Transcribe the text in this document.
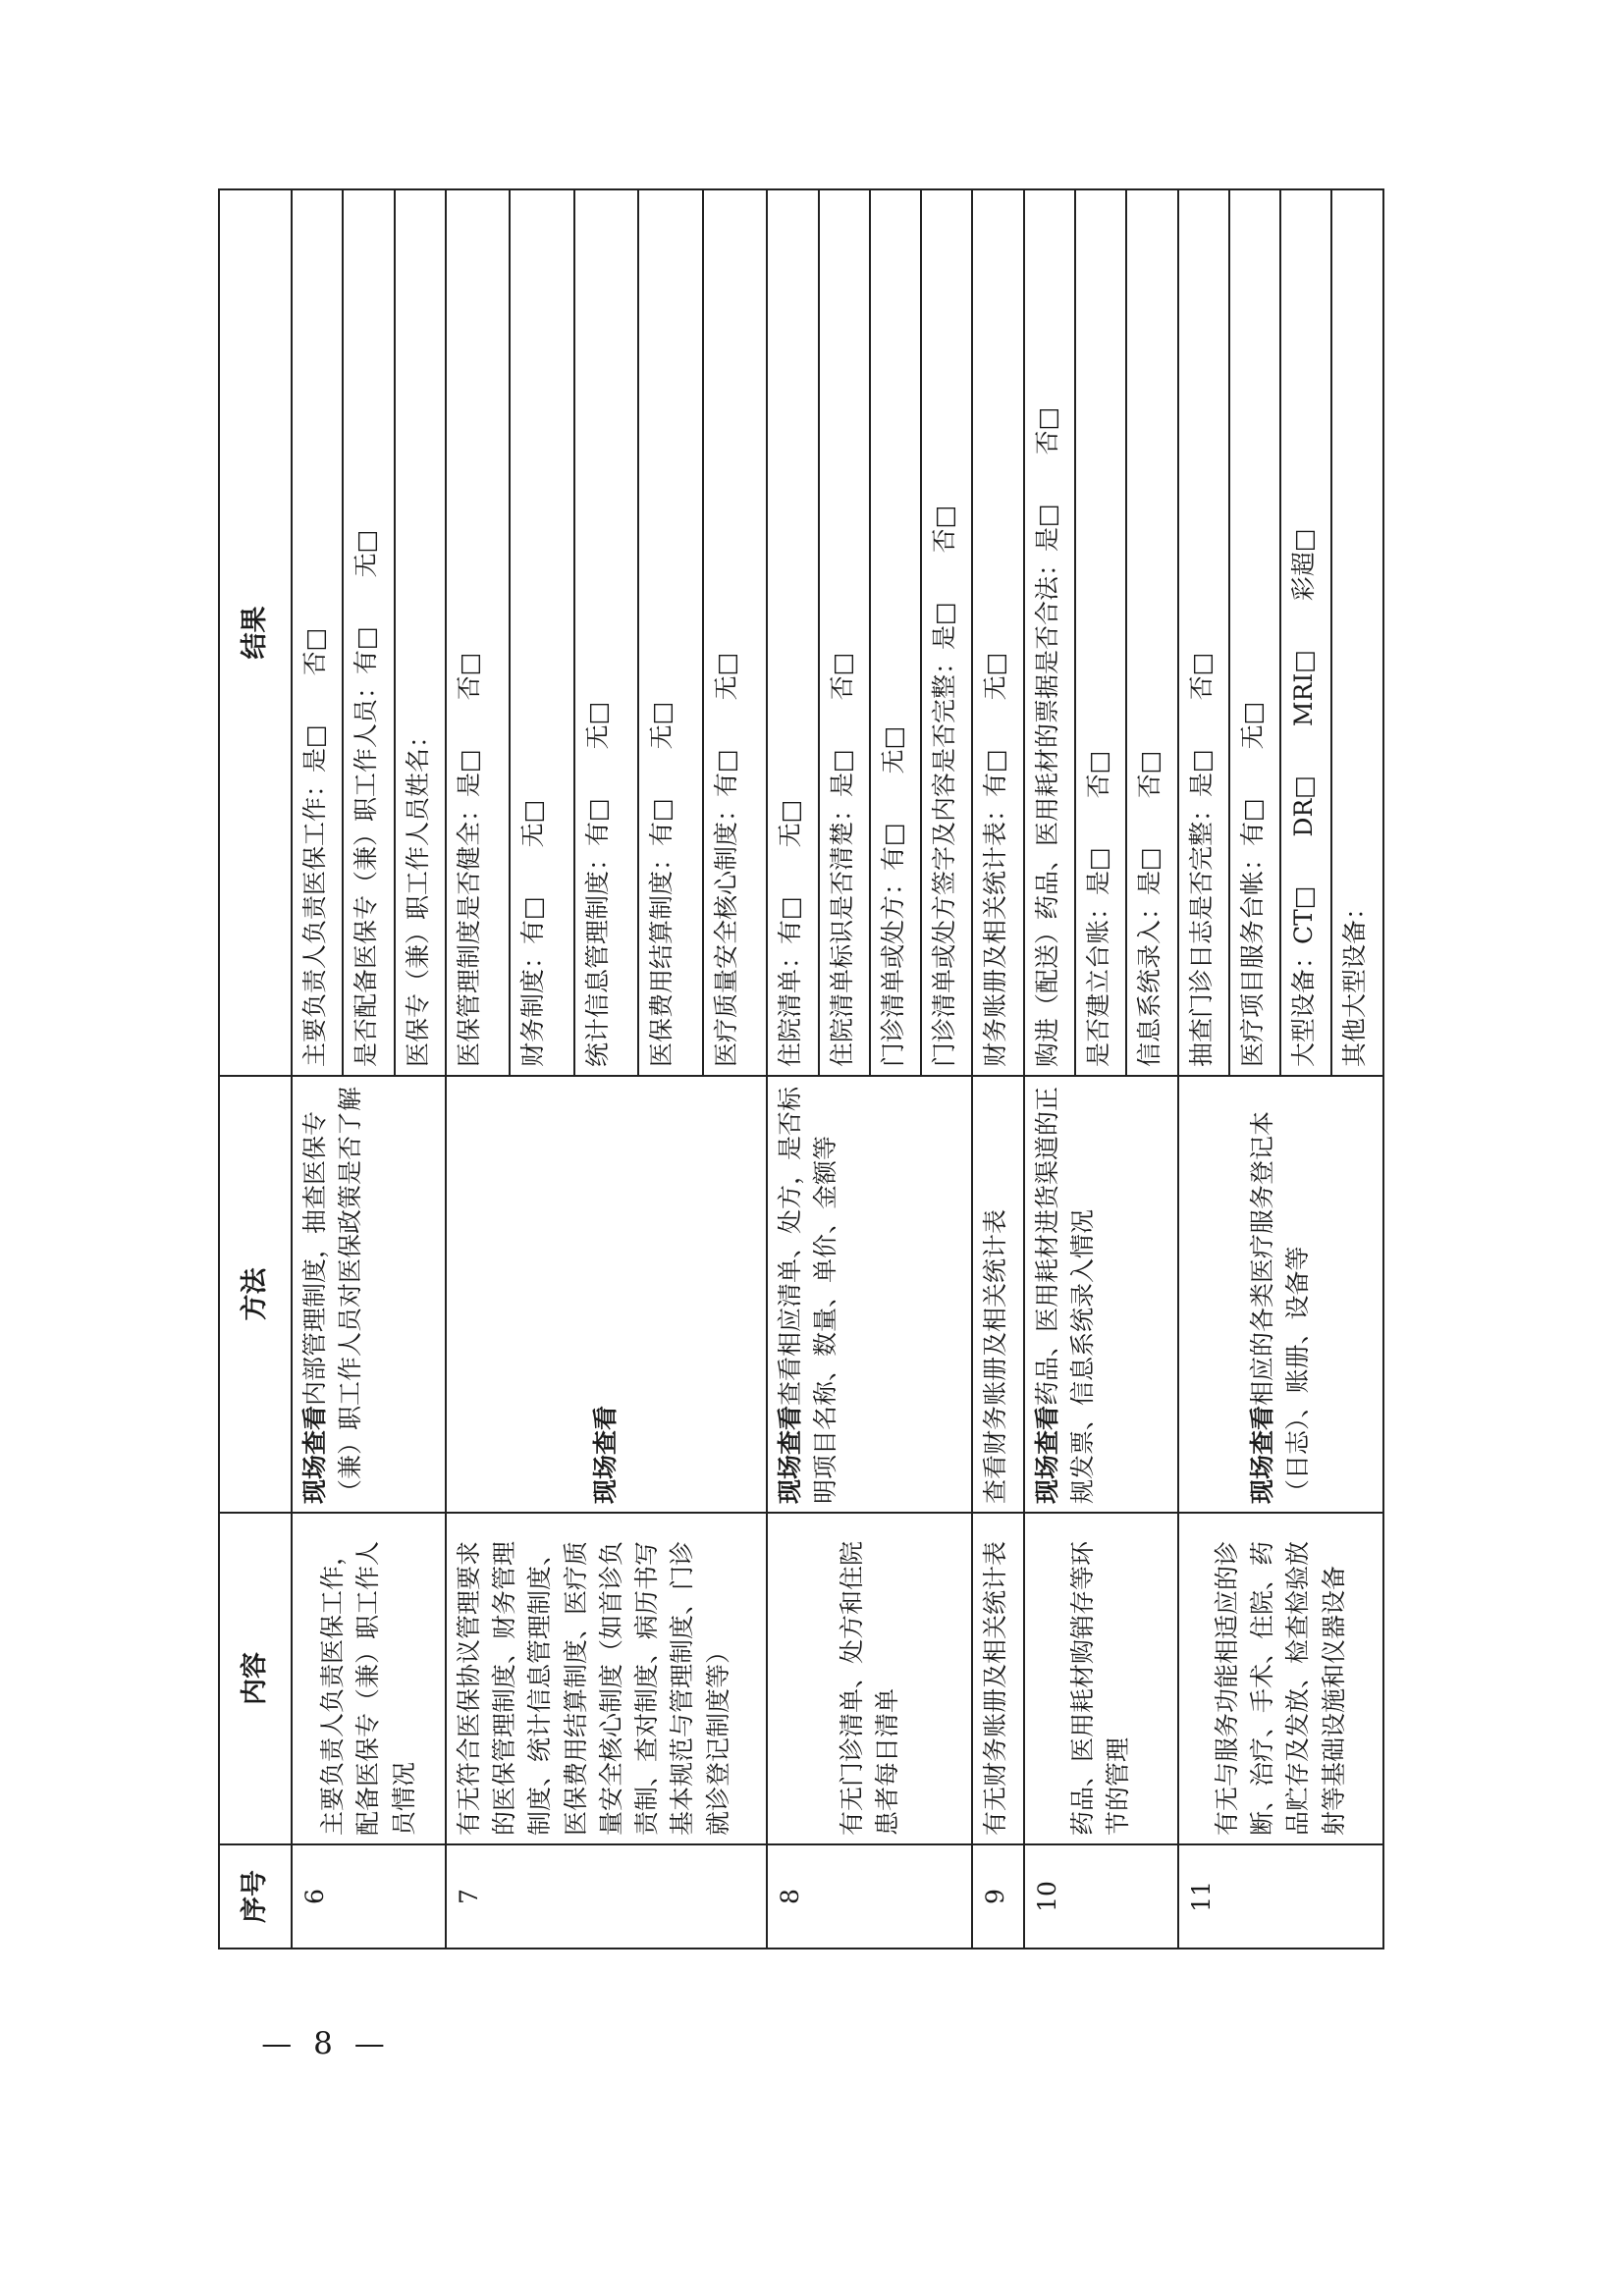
序号	内容	方法	结果
6	主要负责人负责医保工作，配备医保专（兼）职工作人员情况	现场查看内部管理制度，抽查医保专（兼）职工作人员对医保政策是否了解	主要负责人负责医保工作：是□　　否□
			是否配备医保专（兼）职工作人员：有□　　无□
			医保专（兼）职工作人员姓名：
7	有无符合医保协议管理要求的医保管理制度、财务管理制度、统计信息管理制度、医保费用结算制度、医疗质量安全核心制度（如首诊负责制、查对制度、病历书写基本规范与管理制度、门诊就诊登记制度等）	现场查看	医保管理制度是否健全：是□　　否□
			财务制度：有□　　无□
			统计信息管理制度：有□　　无□
			医保费用结算制度：有□　　无□
			医疗质量安全核心制度：有□　　无□
8	有无门诊清单、处方和住院患者每日清单	现场查看查看相应清单、处方，是否标明项目名称、数量、单价、金额等	住院清单：有□　　无□
			住院清单标识是否清楚：是□　　否□
			门诊清单或处方：有□　　无□
			门诊清单或处方签字及内容是否完整：是□　　否□
9	有无财务账册及相关统计表	查看财务账册及相关统计表	财务账册及相关统计表：有□　　无□
10	药品、医用耗材购销存等环节的管理	现场查看药品、医用耗材进货渠道的正规发票、信息系统录入情况	购进（配送）药品、医用耗材的票据是否合法：是□　　否□
			是否建立台账：是□　　否□
			信息系统录入：是□　　否□
11	有无与服务功能相适应的诊断、治疗、手术、住院、药品贮存及发放、检查检验放射等基础设施和仪器设备	现场查看相应的各类医疗服务登记本（日志）、账册、设备等	抽查门诊日志是否完整：是□　　否□
			医疗项目服务台帐：有□　　无□
			大型设备：CT□　　DR□　　MRI□　　彩超□
			其他大型设备：
— 8 —
